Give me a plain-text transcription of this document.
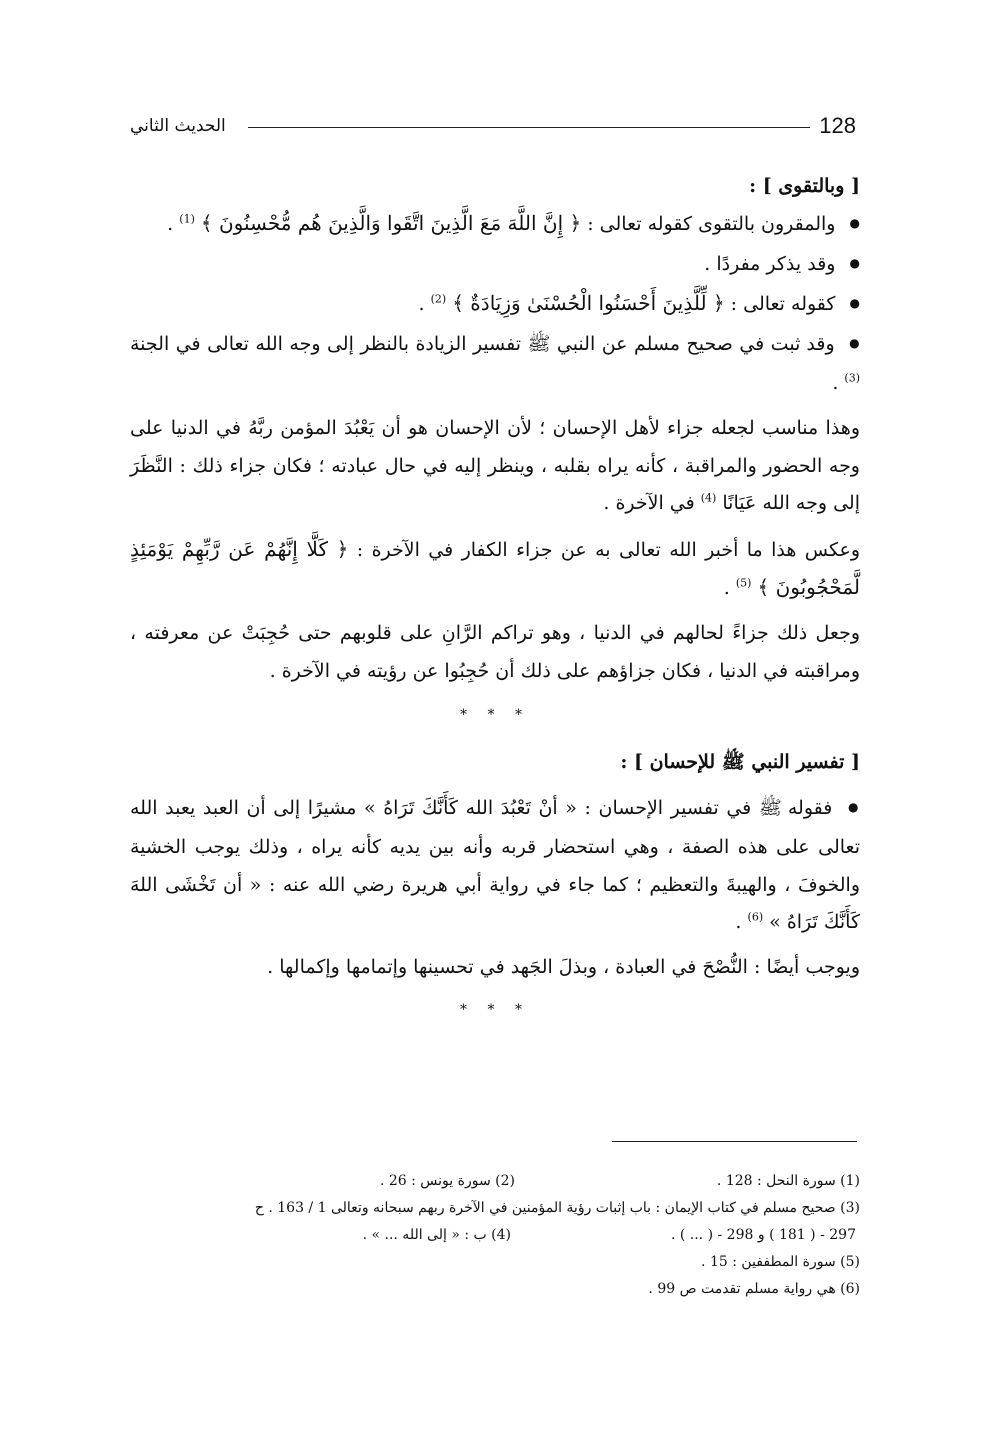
128
الحديث الثاني

[ وبالتقوى ] :

● والمقرون بالتقوى كقوله تعالى : ﴿ إِنَّ اللَّهَ مَعَ الَّذِينَ اتَّقَوا وَالَّذِينَ هُم مُّحْسِنُونَ ﴾ $^{(1)}$ .

● وقد يذكر مفردًا .

● كقوله تعالى : ﴿ لِّلَّذِينَ أَحْسَنُوا الْحُسْنَىٰ وَزِيَادَةٌ ﴾ $^{(2)}$ .

● وقد ثبت في صحيح مسلم عن النبي ﷺ تفسير الزيادة بالنظر إلى وجه الله تعالى في الجنة $^{(3)}$ .

وهذا مناسب لجعله جزاء لأهل الإحسان ؛ لأن الإحسان هو أن يَعْبُدَ المؤمن ربَّهُ في الدنيا على وجه الحضور والمراقبة ، كأنه يراه بقلبه ، وينظر إليه في حال عبادته ؛ فكان جزاء ذلك : النَّظَرَ إلى وجه الله عَيَانًا $^{(4)}$ في الآخرة .

وعكس هذا ما أخبر الله تعالى به عن جزاء الكفار في الآخرة : ﴿ كَلَّا إِنَّهُمْ عَن رَّبِّهِمْ يَوْمَئِذٍ لَّمَحْجُوبُونَ ﴾ $^{(5)}$ .

وجعل ذلك جزاءً لحالهم في الدنيا ، وهو تراكم الرَّانِ على قلوبهم حتى حُجِبَتْ عن معرفته ، ومراقبته في الدنيا ، فكان جزاؤهم على ذلك أن حُجِبُوا عن رؤيته في الآخرة .

* * *

[ تفسير النبي ﷺ للإحسان ] :

● فقوله ﷺ في تفسير الإحسان : « أنْ تَعْبُدَ الله كَأَنَّكَ تَرَاهُ » مشيرًا إلى أن العبد يعبد الله تعالى على هذه الصفة ، وهي استحضار قربه وأنه بين يديه كأنه يراه ، وذلك يوجب الخشية والخوفَ ، والهيبةَ والتعظيم ؛ كما جاء في رواية أبي هريرة رضي الله عنه : « أن تَخْشَى اللهَ كَأَنَّكَ تَرَاهُ » $^{(6)}$ .

ويوجب أيضًا : النُّصْحَ في العبادة ، وبذلَ الجَهد في تحسينها وإتمامها وإكمالها .

* * *

(1) سورة النحل : 128 .

(2) سورة يونس : 26 .

(3) صحيح مسلم في كتاب الإيمان : باب إثبات رؤية المؤمنين في الآخرة ربهم سبحانه وتعالى 1 / 163 . ح

297 - ( 181 ) و 298 - ( ... ) .

(4) ب : « إلى الله ... » .

(5) سورة المطففين : 15 .

(6) هي رواية مسلم تقدمت ص 99 .
